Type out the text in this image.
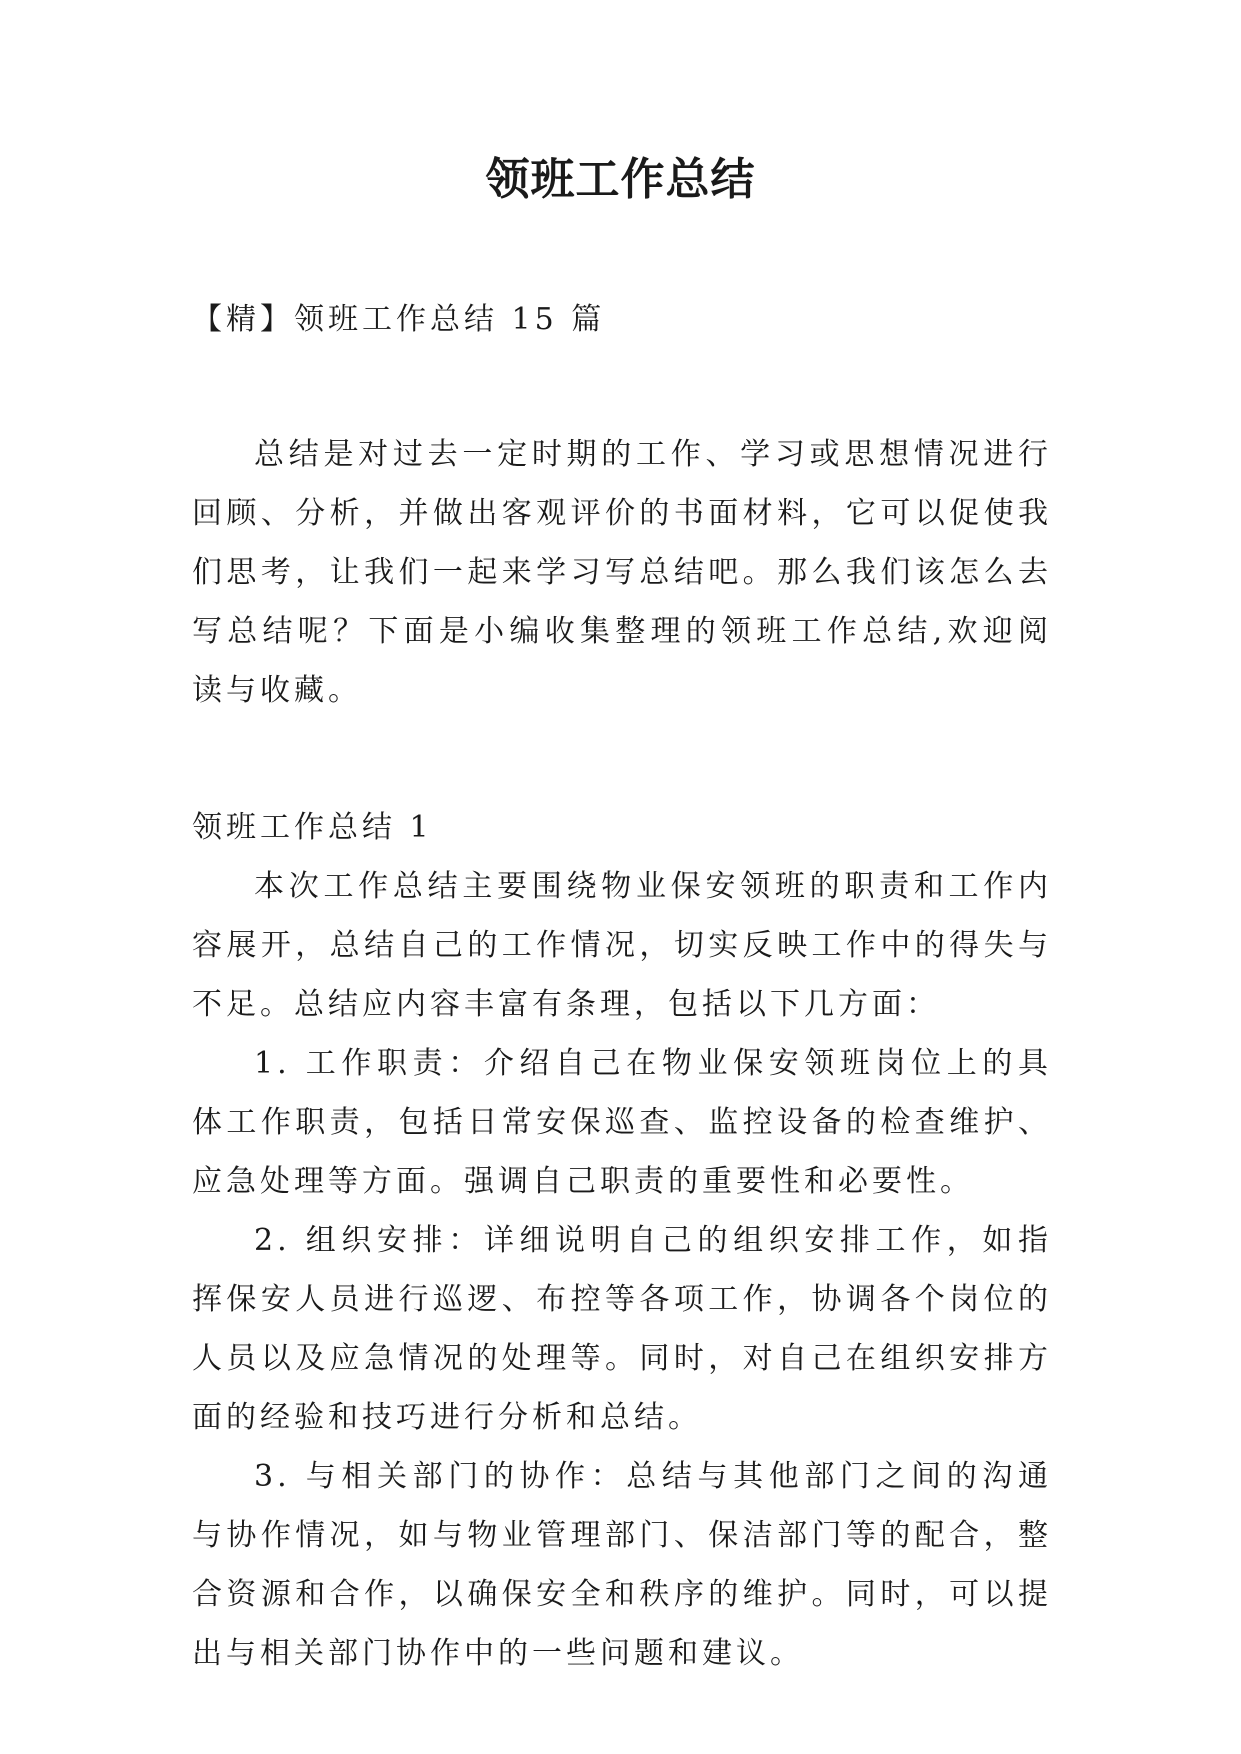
领班工作总结

【精】领班工作总结 15 篇

总结是对过去一定时期的工作、学习或思想情况进行回顾、分析，并做出客观评价的书面材料，它可以促使我们思考，让我们一起来学习写总结吧。那么我们该怎么去写总结呢？下面是小编收集整理的领班工作总结,欢迎阅读与收藏。

领班工作总结 1

本次工作总结主要围绕物业保安领班的职责和工作内容展开，总结自己的工作情况，切实反映工作中的得失与不足。总结应内容丰富有条理，包括以下几方面：

1. 工作职责：介绍自己在物业保安领班岗位上的具体工作职责，包括日常安保巡查、监控设备的检查维护、应急处理等方面。强调自己职责的重要性和必要性。

2. 组织安排：详细说明自己的组织安排工作，如指挥保安人员进行巡逻、布控等各项工作，协调各个岗位的人员以及应急情况的处理等。同时，对自己在组织安排方面的经验和技巧进行分析和总结。

3. 与相关部门的协作：总结与其他部门之间的沟通与协作情况，如与物业管理部门、保洁部门等的配合，整合资源和合作，以确保安全和秩序的维护。同时，可以提出与相关部门协作中的一些问题和建议。
